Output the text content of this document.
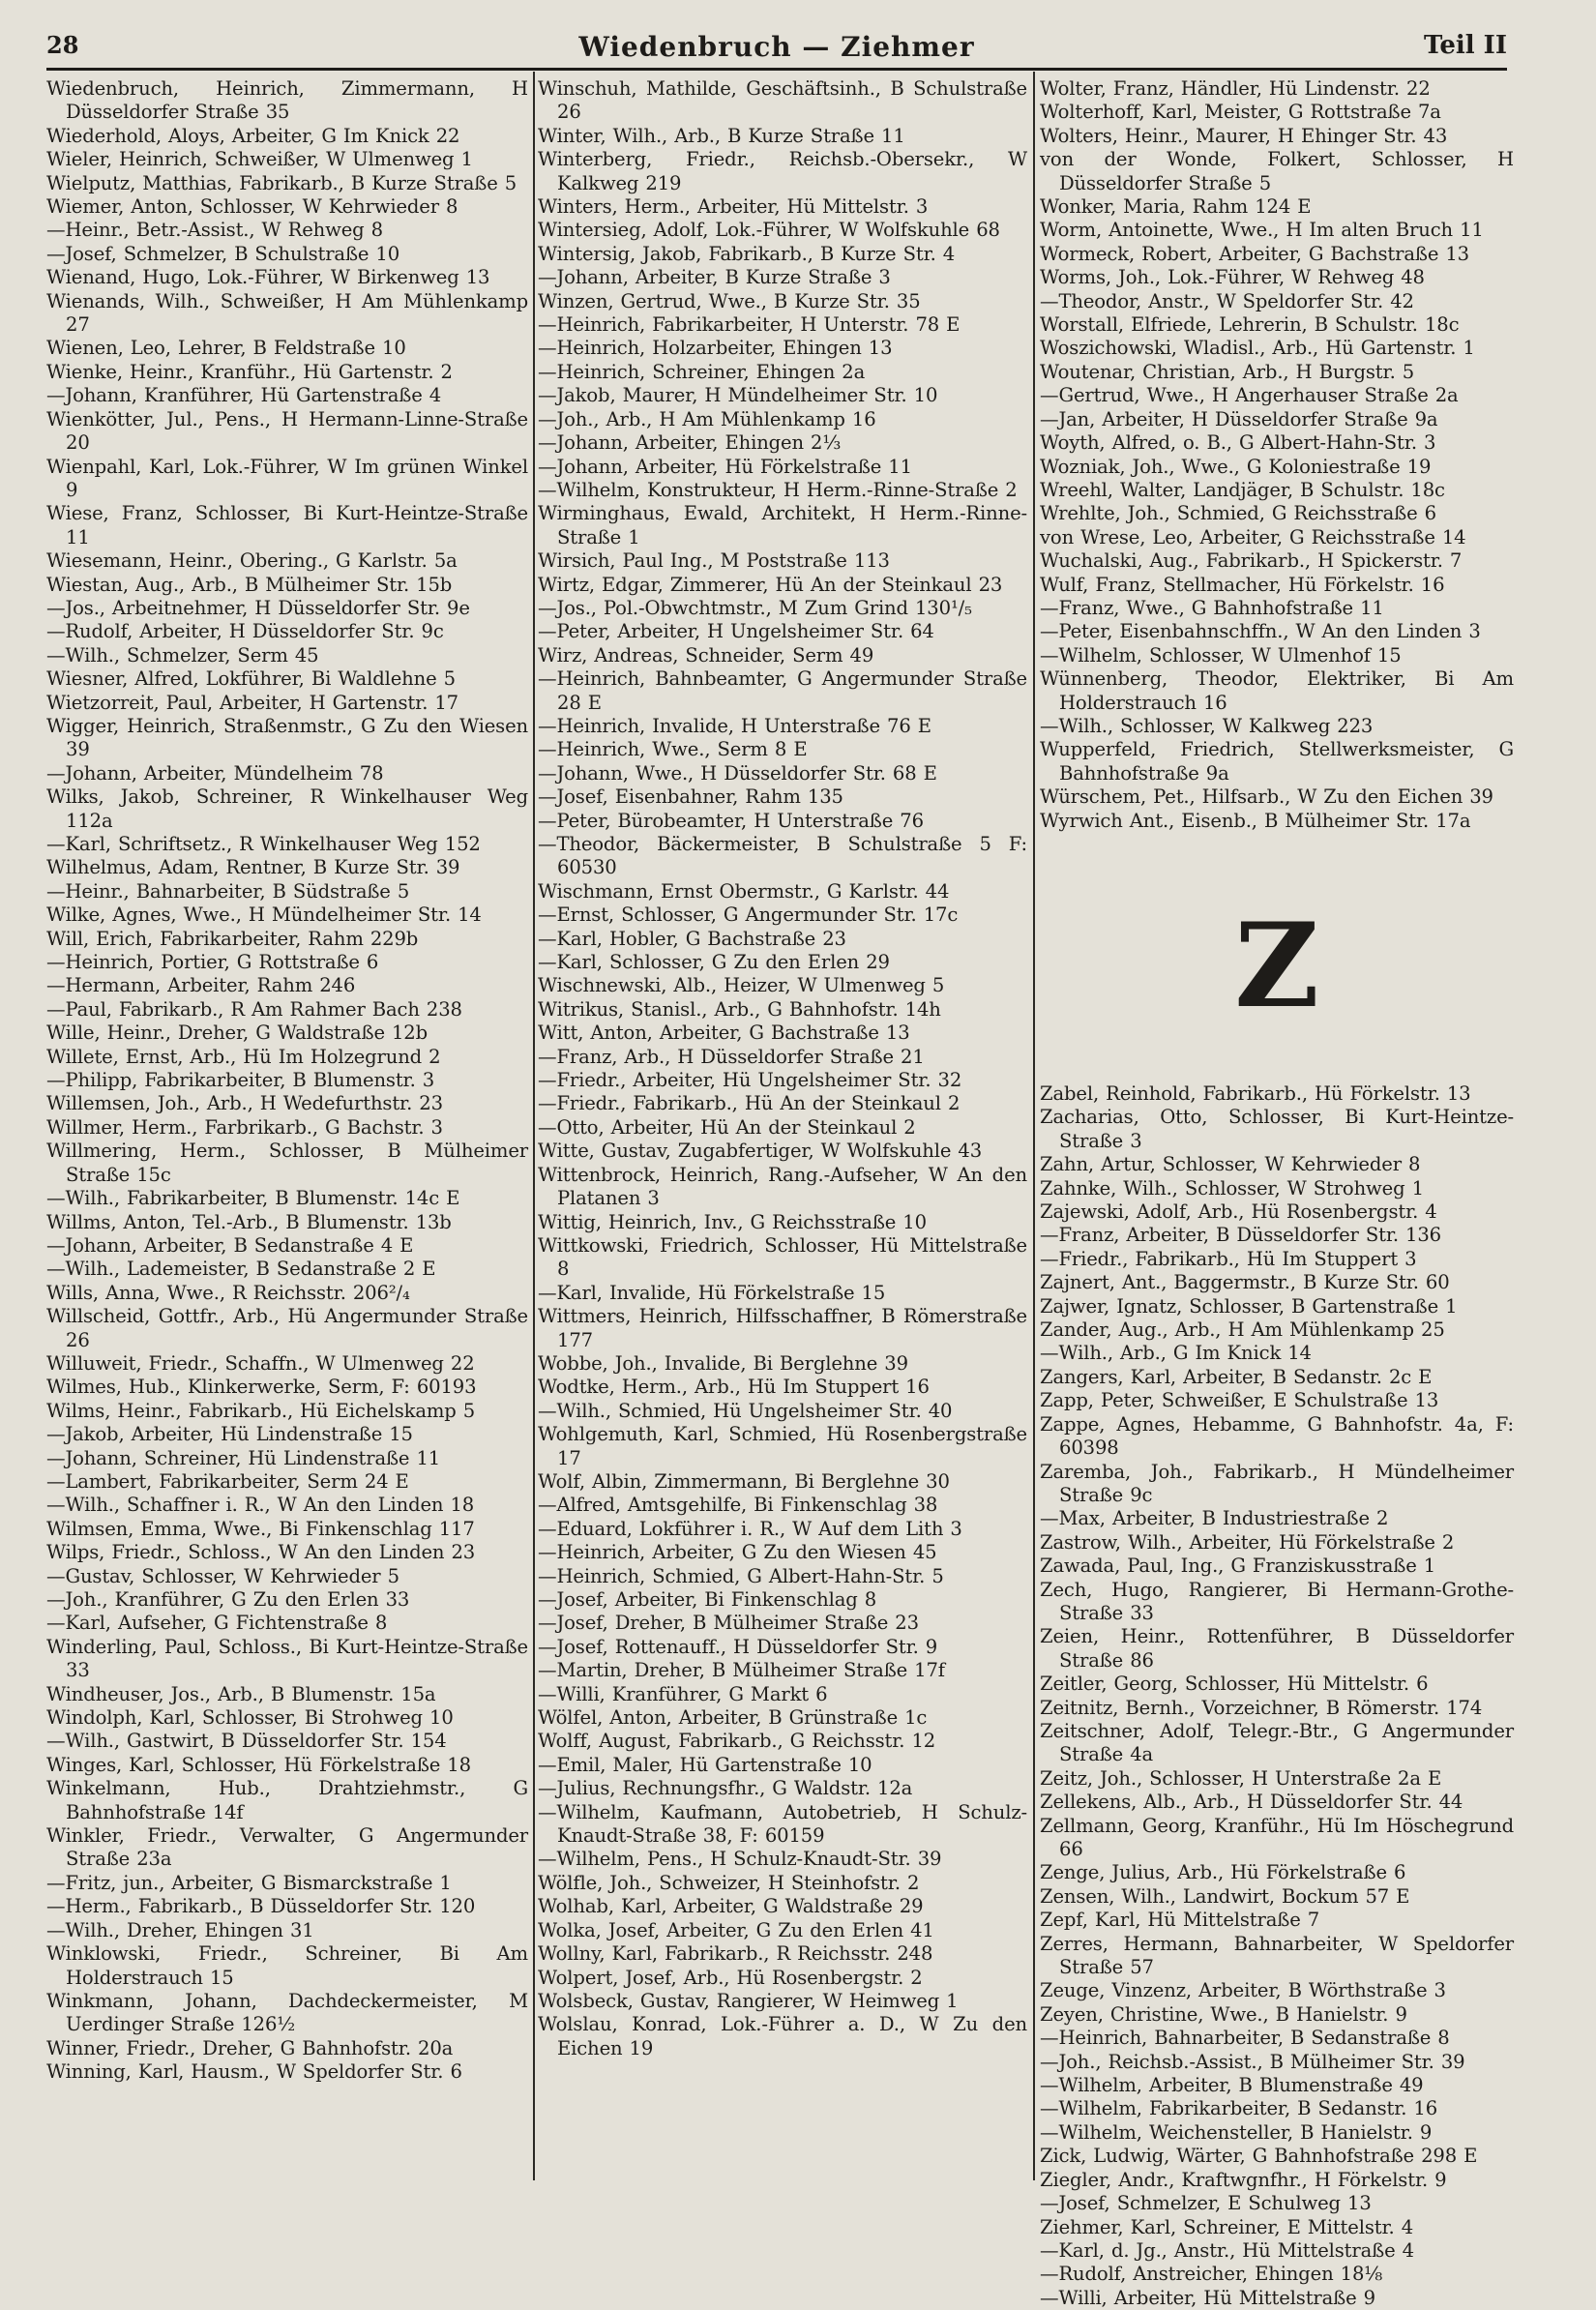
28	Wiedenbruch — Ziehmer	Teil II
Wiedenbruch, Heinrich, Zimmermann, H Düsseldorfer Straße 35
Wiederhold, Aloys, Arbeiter, G Im Knick 22
Wieler, Heinrich, Schweißer, W Ulmenweg 1
Wielputz, Matthias, Fabrikarb., B Kurze Straße 5
Wiemer, Anton, Schlosser, W Kehrwieder 8
—Heinr., Betr.-Assist., W Rehweg 8
—Josef, Schmelzer, B Schulstraße 10
Wienand, Hugo, Lok.-Führer, W Birkenweg 13
Wienands, Wilh., Schweißer, H Am Mühlenkamp 27
Wienen, Leo, Lehrer, B Feldstraße 10
Wienke, Heinr., Kranführ., Hü Gartenstr. 2
—Johann, Kranführer, Hü Gartenstraße 4
Wienkötter, Jul., Pens., H Hermann-Linne-Straße 20
Wienpahl, Karl, Lok.-Führer, W Im grünen Winkel 9
Wiese, Franz, Schlosser, Bi Kurt-Heintze-Straße 11
Wiesemann, Heinr., Obering., G Karlstr. 5a
Wiestan, Aug., Arb., B Mülheimer Str. 15b
—Jos., Arbeitnehmer, H Düsseldorfer Str. 9e
—Rudolf, Arbeiter, H Düsseldorfer Str. 9c
—Wilh., Schmelzer, Serm 45
Wiesner, Alfred, Lokführer, Bi Waldlehne 5
Wietzorreit, Paul, Arbeiter, H Gartenstr. 17
Wigger, Heinrich, Straßenmstr., G Zu den Wiesen 39
—Johann, Arbeiter, Mündelheim 78
Wilks, Jakob, Schreiner, R Winkelhauser Weg 112a
—Karl, Schriftsetz., R Winkelhauser Weg 152
Wilhelmus, Adam, Rentner, B Kurze Str. 39
—Heinr., Bahnarbeiter, B Südstraße 5
Wilke, Agnes, Wwe., H Mündelheimer Str. 14
Will, Erich, Fabrikarbeiter, Rahm 229b
—Heinrich, Portier, G Rottstraße 6
—Hermann, Arbeiter, Rahm 246
—Paul, Fabrikarb., R Am Rahmer Bach 238
Wille, Heinr., Dreher, G Waldstraße 12b
Willete, Ernst, Arb., Hü Im Holzegrund 2
—Philipp, Fabrikarbeiter, B Blumenstr. 3
Willemsen, Joh., Arb., H Wedefurthstr. 23
Willmer, Herm., Farbrikarb., G Bachstr. 3
Willmering, Herm., Schlosser, B Mülheimer Straße 15c
—Wilh., Fabrikarbeiter, B Blumenstr. 14c E
Willms, Anton, Tel.-Arb., B Blumenstr. 13b
—Johann, Arbeiter, B Sedanstraße 4 E
—Wilh., Lademeister, B Sedanstraße 2 E
Wills, Anna, Wwe., R Reichsstr. 206²/₄
Willscheid, Gottfr., Arb., Hü Angermunder Straße 26
Willuweit, Friedr., Schaffn., W Ulmenweg 22
Wilmes, Hub., Klinkerwerke, Serm, F: 60193
Wilms, Heinr., Fabrikarb., Hü Eichelskamp 5
—Jakob, Arbeiter, Hü Lindenstraße 15
—Johann, Schreiner, Hü Lindenstraße 11
—Lambert, Fabrikarbeiter, Serm 24 E
—Wilh., Schaffner i. R., W An den Linden 18
Wilmsen, Emma, Wwe., Bi Finkenschlag 117
Wilps, Friedr., Schloss., W An den Linden 23
—Gustav, Schlosser, W Kehrwieder 5
—Joh., Kranführer, G Zu den Erlen 33
—Karl, Aufseher, G Fichtenstraße 8
Winderling, Paul, Schloss., Bi Kurt-Heintze-Straße 33
Windheuser, Jos., Arb., B Blumenstr. 15a
Windolph, Karl, Schlosser, Bi Strohweg 10
—Wilh., Gastwirt, B Düsseldorfer Str. 154
Winges, Karl, Schlosser, Hü Förkelstraße 18
Winkelmann, Hub., Drahtziehmstr., G Bahnhofstraße 14f
Winkler, Friedr., Verwalter, G Angermunder Straße 23a
—Fritz, jun., Arbeiter, G Bismarckstraße 1
—Herm., Fabrikarb., B Düsseldorfer Str. 120
—Wilh., Dreher, Ehingen 31
Winklowski, Friedr., Schreiner, Bi Am Holderstrauch 15
Winkmann, Johann, Dachdeckermeister, M Uerdinger Straße 126½
Winner, Friedr., Dreher, G Bahnhofstr. 20a
Winning, Karl, Hausm., W Speldorfer Str. 6
Winschuh, Mathilde, Geschäftsinh., B Schulstraße 26
Winter, Wilh., Arb., B Kurze Straße 11
Winterberg, Friedr., Reichsb.-Obersekr., W Kalkweg 219
Winters, Herm., Arbeiter, Hü Mittelstr. 3
Wintersieg, Adolf, Lok.-Führer, W Wolfskuhle 68
Wintersig, Jakob, Fabrikarb., B Kurze Str. 4
—Johann, Arbeiter, B Kurze Straße 3
Winzen, Gertrud, Wwe., B Kurze Str. 35
—Heinrich, Fabrikarbeiter, H Unterstr. 78 E
—Heinrich, Holzarbeiter, Ehingen 13
—Heinrich, Schreiner, Ehingen 2a
—Jakob, Maurer, H Mündelheimer Str. 10
—Joh., Arb., H Am Mühlenkamp 16
—Johann, Arbeiter, Ehingen 2⅓
—Johann, Arbeiter, Hü Förkelstraße 11
—Wilhelm, Konstrukteur, H Herm.-Rinne-Straße 2
Wirminghaus, Ewald, Architekt, H Herm.-Rinne-Straße 1
Wirsich, Paul Ing., M Poststraße 113
Wirtz, Edgar, Zimmerer, Hü An der Steinkaul 23
—Jos., Pol.-Obwchtmstr., M Zum Grind 130¹/₅
—Peter, Arbeiter, H Ungelsheimer Str. 64
Wirz, Andreas, Schneider, Serm 49
—Heinrich, Bahnbeamter, G Angermunder Straße 28 E
—Heinrich, Invalide, H Unterstraße 76 E
—Heinrich, Wwe., Serm 8 E
—Johann, Wwe., H Düsseldorfer Str. 68 E
—Josef, Eisenbahner, Rahm 135
—Peter, Bürobeamter, H Unterstraße 76
—Theodor, Bäckermeister, B Schulstraße 5 F: 60530
Wischmann, Ernst Obermstr., G Karlstr. 44
—Ernst, Schlosser, G Angermunder Str. 17c
—Karl, Hobler, G Bachstraße 23
—Karl, Schlosser, G Zu den Erlen 29
Wischnewski, Alb., Heizer, W Ulmenweg 5
Witrikus, Stanisl., Arb., G Bahnhofstr. 14h
Witt, Anton, Arbeiter, G Bachstraße 13
—Franz, Arb., H Düsseldorfer Straße 21
—Friedr., Arbeiter, Hü Ungelsheimer Str. 32
—Friedr., Fabrikarb., Hü An der Steinkaul 2
—Otto, Arbeiter, Hü An der Steinkaul 2
Witte, Gustav, Zugabfertiger, W Wolfskuhle 43
Wittenbrock, Heinrich, Rang.-Aufseher, W An den Platanen 3
Wittig, Heinrich, Inv., G Reichsstraße 10
Wittkowski, Friedrich, Schlosser, Hü Mittelstraße 8
—Karl, Invalide, Hü Förkelstraße 15
Wittmers, Heinrich, Hilfsschaffner, B Römerstraße 177
Wobbe, Joh., Invalide, Bi Berglehne 39
Wodtke, Herm., Arb., Hü Im Stuppert 16
—Wilh., Schmied, Hü Ungelsheimer Str. 40
Wohlgemuth, Karl, Schmied, Hü Rosenbergstraße 17
Wolf, Albin, Zimmermann, Bi Berglehne 30
—Alfred, Amtsgehilfe, Bi Finkenschlag 38
—Eduard, Lokführer i. R., W Auf dem Lith 3
—Heinrich, Arbeiter, G Zu den Wiesen 45
—Heinrich, Schmied, G Albert-Hahn-Str. 5
—Josef, Arbeiter, Bi Finkenschlag 8
—Josef, Dreher, B Mülheimer Straße 23
—Josef, Rottenauff., H Düsseldorfer Str. 9
—Martin, Dreher, B Mülheimer Straße 17f
—Willi, Kranführer, G Markt 6
Wölfel, Anton, Arbeiter, B Grünstraße 1c
Wolff, August, Fabrikarb., G Reichsstr. 12
—Emil, Maler, Hü Gartenstraße 10
—Julius, Rechnungsfhr., G Waldstr. 12a
—Wilhelm, Kaufmann, Autobetrieb, H Schulz-Knaudt-Straße 38, F: 60159
—Wilhelm, Pens., H Schulz-Knaudt-Str. 39
Wölfle, Joh., Schweizer, H Steinhofstr. 2
Wolhab, Karl, Arbeiter, G Waldstraße 29
Wolka, Josef, Arbeiter, G Zu den Erlen 41
Wollny, Karl, Fabrikarb., R Reichsstr. 248
Wolpert, Josef, Arb., Hü Rosenbergstr. 2
Wolsbeck, Gustav, Rangierer, W Heimweg 1
Wolslau, Konrad, Lok.-Führer a. D., W Zu den Eichen 19
Wolter, Franz, Händler, Hü Lindenstr. 22
Wolterhoff, Karl, Meister, G Rottstraße 7a
Wolters, Heinr., Maurer, H Ehinger Str. 43
von der Wonde, Folkert, Schlosser, H Düsseldorfer Straße 5
Wonker, Maria, Rahm 124 E
Worm, Antoinette, Wwe., H Im alten Bruch 11
Wormeck, Robert, Arbeiter, G Bachstraße 13
Worms, Joh., Lok.-Führer, W Rehweg 48
—Theodor, Anstr., W Speldorfer Str. 42
Worstall, Elfriede, Lehrerin, B Schulstr. 18c
Woszichowski, Wladisl., Arb., Hü Gartenstr. 1
Woutenar, Christian, Arb., H Burgstr. 5
—Gertrud, Wwe., H Angerhauser Straße 2a
—Jan, Arbeiter, H Düsseldorfer Straße 9a
Woyth, Alfred, o. B., G Albert-Hahn-Str. 3
Wozniak, Joh., Wwe., G Koloniestraße 19
Wreehl, Walter, Landjäger, B Schulstr. 18c
Wrehlte, Joh., Schmied, G Reichsstraße 6
von Wrese, Leo, Arbeiter, G Reichsstraße 14
Wuchalski, Aug., Fabrikarb., H Spickerstr. 7
Wulf, Franz, Stellmacher, Hü Förkelstr. 16
—Franz, Wwe., G Bahnhofstraße 11
—Peter, Eisenbahnschffn., W An den Linden 3
—Wilhelm, Schlosser, W Ulmenhof 15
Wünnenberg, Theodor, Elektriker, Bi Am Holderstrauch 16
—Wilh., Schlosser, W Kalkweg 223
Wupperfeld, Friedrich, Stellwerksmeister, G Bahnhofstraße 9a
Würschem, Pet., Hilfsarb., W Zu den Eichen 39
Wyrwich Ant., Eisenb., B Mülheimer Str. 17a
Z
Zabel, Reinhold, Fabrikarb., Hü Förkelstr. 13
Zacharias, Otto, Schlosser, Bi Kurt-Heintze-Straße 3
Zahn, Artur, Schlosser, W Kehrwieder 8
Zahnke, Wilh., Schlosser, W Strohweg 1
Zajewski, Adolf, Arb., Hü Rosenbergstr. 4
—Franz, Arbeiter, B Düsseldorfer Str. 136
—Friedr., Fabrikarb., Hü Im Stuppert 3
Zajnert, Ant., Baggermstr., B Kurze Str. 60
Zajwer, Ignatz, Schlosser, B Gartenstraße 1
Zander, Aug., Arb., H Am Mühlenkamp 25
—Wilh., Arb., G Im Knick 14
Zangers, Karl, Arbeiter, B Sedanstr. 2c E
Zapp, Peter, Schweißer, E Schulstraße 13
Zappe, Agnes, Hebamme, G Bahnhofstr. 4a, F: 60398
Zaremba, Joh., Fabrikarb., H Mündelheimer Straße 9c
—Max, Arbeiter, B Industriestraße 2
Zastrow, Wilh., Arbeiter, Hü Förkelstraße 2
Zawada, Paul, Ing., G Franziskusstraße 1
Zech, Hugo, Rangierer, Bi Hermann-Grothe-Straße 33
Zeien, Heinr., Rottenführer, B Düsseldorfer Straße 86
Zeitler, Georg, Schlosser, Hü Mittelstr. 6
Zeitnitz, Bernh., Vorzeichner, B Römerstr. 174
Zeitschner, Adolf, Telegr.-Btr., G Angermunder Straße 4a
Zeitz, Joh., Schlosser, H Unterstraße 2a E
Zellekens, Alb., Arb., H Düsseldorfer Str. 44
Zellmann, Georg, Kranführ., Hü Im Höschegrund 66
Zenge, Julius, Arb., Hü Förkelstraße 6
Zensen, Wilh., Landwirt, Bockum 57 E
Zepf, Karl, Hü Mittelstraße 7
Zerres, Hermann, Bahnarbeiter, W Speldorfer Straße 57
Zeuge, Vinzenz, Arbeiter, B Wörthstraße 3
Zeyen, Christine, Wwe., B Hanielstr. 9
—Heinrich, Bahnarbeiter, B Sedanstraße 8
—Joh., Reichsb.-Assist., B Mülheimer Str. 39
—Wilhelm, Arbeiter, B Blumenstraße 49
—Wilhelm, Fabrikarbeiter, B Sedanstr. 16
—Wilhelm, Weichensteller, B Hanielstr. 9
Zick, Ludwig, Wärter, G Bahnhofstraße 298 E
Ziegler, Andr., Kraftwgnfhr., H Förkelstr. 9
—Josef, Schmelzer, E Schulweg 13
Ziehmer, Karl, Schreiner, E Mittelstr. 4
—Karl, d. Jg., Anstr., Hü Mittelstraße 4
—Rudolf, Anstreicher, Ehingen 18⅛
—Willi, Arbeiter, Hü Mittelstraße 9
